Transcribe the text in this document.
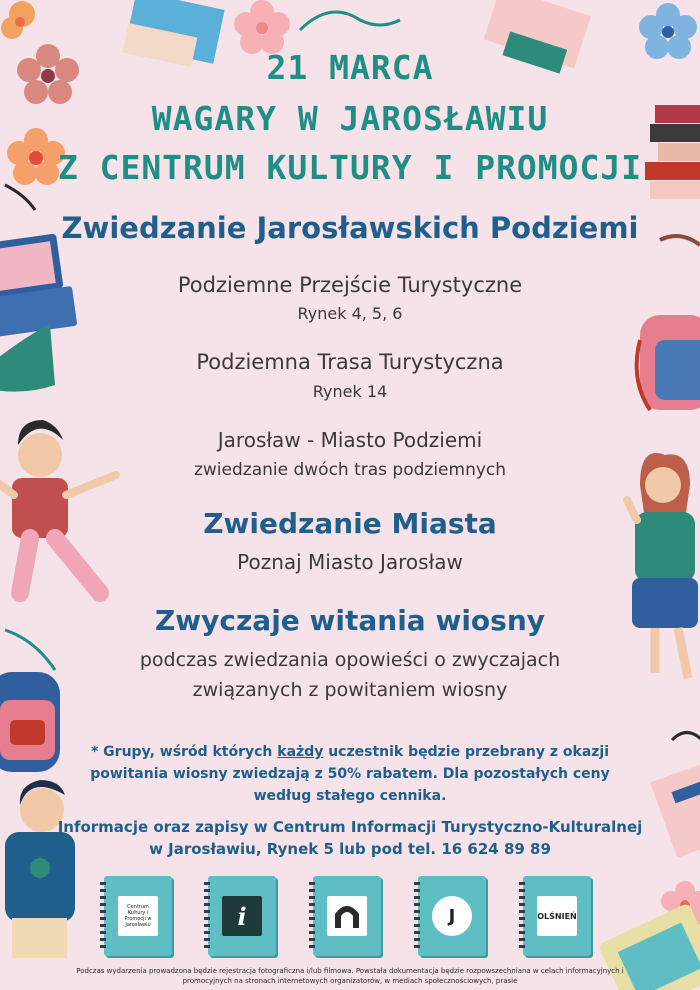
21 MARCA
WAGARY W JAROSŁAWIU
Z CENTRUM KULTURY I PROMOCJI
Zwiedzanie Jarosławskich Podziemi
Podziemne Przejście Turystyczne
Rynek 4, 5, 6
Podziemna Trasa Turystyczna
Rynek 14
Jarosław - Miasto Podziemi
zwiedzanie dwóch tras podziemnych
Zwiedzanie Miasta
Poznaj Miasto Jarosław
Zwyczaje witania wiosny
podczas zwiedzania opowieści o zwyczajach
związanych z powitaniem wiosny
* Grupy, wśród których każdy uczestnik będzie przebrany z okazji
powitania wiosny zwiedzają z 50% rabatem. Dla pozostałych ceny
według stałego cennika.
Informacje oraz zapisy w Centrum Informacji Turystyczno-Kulturalnej
w Jarosławiu, Rynek 5 lub pod tel. 16 624 89 89
Centrum Kultury i Promocji w Jarosławiu	i	J	OLŚNIEŃ
Podczas wydarzenia prowadzona będzie rejestracja fotograficzna i/lub filmowa. Powstała dokumentacja będzie rozpowszechniana w celach informacyjnych i
promocyjnych na stronach internetowych organizatorów, w mediach społecznościowych, prasie
